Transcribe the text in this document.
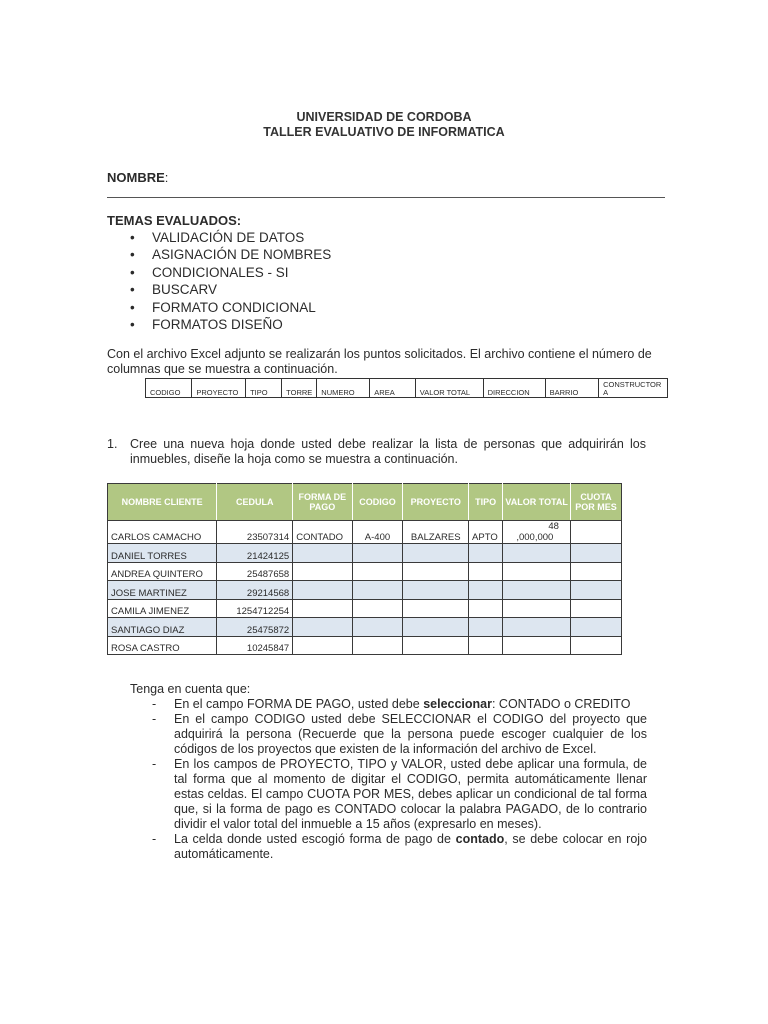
UNIVERSIDAD DE CORDOBA
TALLER EVALUATIVO DE INFORMATICA
NOMBRE:
TEMAS EVALUADOS:
• VALIDACIÓN DE DATOS
• ASIGNACIÓN DE NOMBRES
• CONDICIONALES - SI
• BUSCARV
• FORMATO CONDICIONAL
• FORMATOS DISEÑO
Con el archivo Excel adjunto se realizarán los puntos solicitados. El archivo contiene el número de columnas que se muestra a continuación.
CODIGO	PROYECTO	TIPO	TORRE	NUMERO	AREA	VALOR TOTAL	DIRECCION	BARRIO	CONSTRUCTOR A
1. Cree una nueva hoja donde usted debe realizar la lista de personas que adquirirán los inmuebles, diseñe la hoja como se muestra a continuación.
NOMBRE CLIENTE	CEDULA	FORMA DE PAGO	CODIGO	PROYECTO	TIPO	VALOR TOTAL	CUOTA POR MES
CARLOS CAMACHO	23507314	CONTADO	A-400	BALZARES	APTO	48
,000,000	

DANIEL TORRES	21424125						
ANDREA QUINTERO	25487658						
JOSE MARTINEZ	29214568						
CAMILA JIMENEZ	1254712254						
SANTIAGO DIAZ	25475872						
ROSA CASTRO	10245847						
Tenga en cuenta que:
- En el campo FORMA DE PAGO, usted debe seleccionar: CONTADO o CREDITO
- En el campo CODIGO usted debe SELECCIONAR el CODIGO del proyecto que adquirirá la persona (Recuerde que la persona puede escoger cualquier de los códigos de los proyectos que existen de la información del archivo de Excel.
- En los campos de PROYECTO, TIPO y VALOR, usted debe aplicar una formula, de tal forma que al momento de digitar el CODIGO, permita automáticamente llenar estas celdas. El campo CUOTA POR MES, debes aplicar un condicional de tal forma que, si la forma de pago es CONTADO colocar la palabra PAGADO, de lo contrario dividir el valor total del inmueble a 15 años (expresarlo en meses).
- La celda donde usted escogió forma de pago de contado, se debe colocar en rojo automáticamente.
